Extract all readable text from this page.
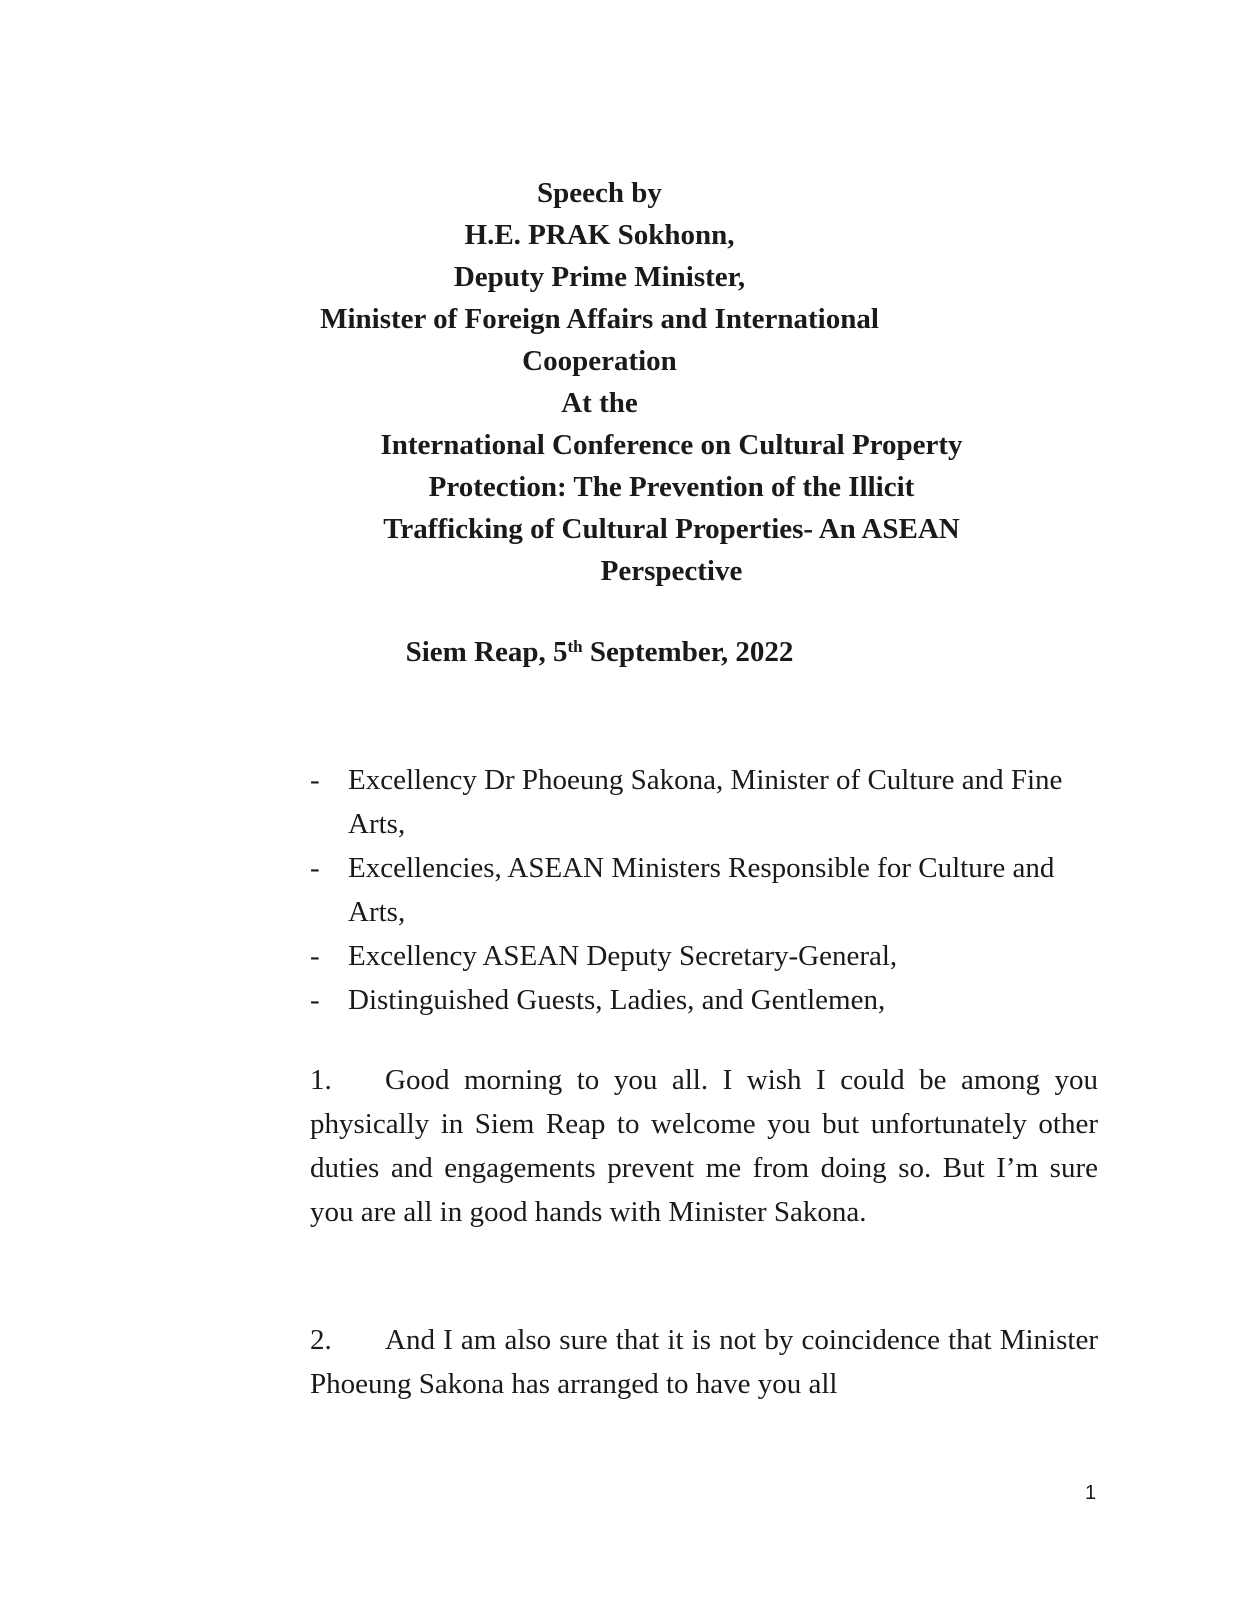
Speech by
H.E. PRAK Sokhonn,
Deputy Prime Minister,
Minister of Foreign Affairs and International
Cooperation
At the
International Conference on Cultural Property
Protection: The Prevention of the Illicit
Trafficking of Cultural Properties- An ASEAN
Perspective
Siem Reap, 5th September, 2022
- Excellency Dr Phoeung Sakona, Minister of Culture and Fine Arts,
- Excellencies, ASEAN Ministers Responsible for Culture and Arts,
- Excellency ASEAN Deputy Secretary-General,
- Distinguished Guests, Ladies, and Gentlemen,

1. Good morning to you all. I wish I could be among you physically in Siem Reap to welcome you but unfortunately other duties and engagements prevent me from doing so. But I’m sure you are all in good hands with Minister Sakona.

2. And I am also sure that it is not by coincidence that Minister Phoeung Sakona has arranged to have you all

1
